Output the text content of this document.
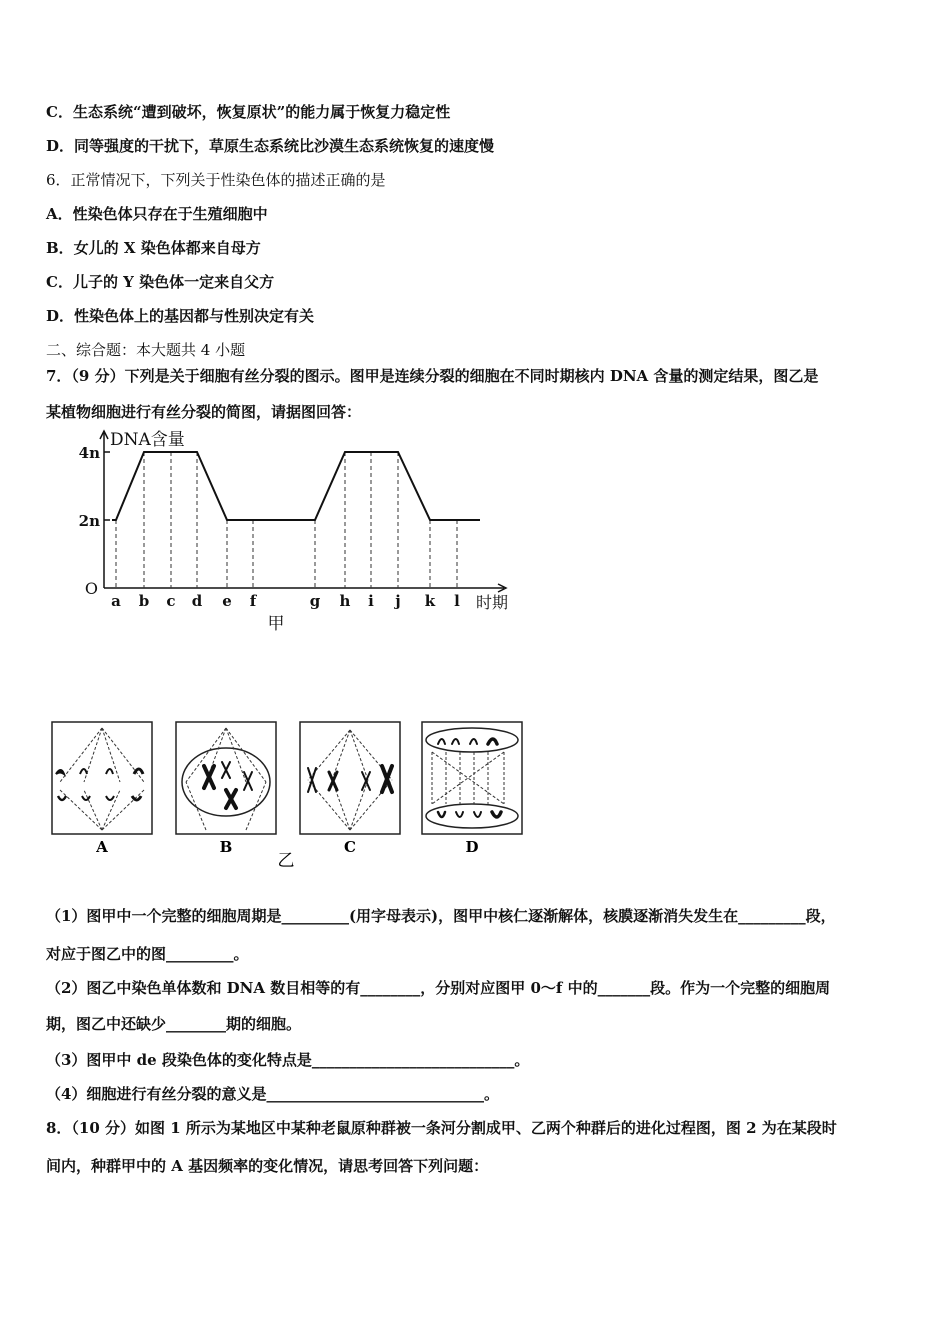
C．生态系统“遭到破坏，恢复原状”的能力属于恢复力稳定性
D．同等强度的干扰下，草原生态系统比沙漠生态系统恢复的速度慢
6．正常情况下，下列关于性染色体的描述正确的是
A．性染色体只存在于生殖细胞中
B．女儿的 X 染色体都来自母方
C．儿子的 Y 染色体一定来自父方
D．性染色体上的基因都与性别决定有关
二、综合题：本大题共 4 小题
7．（9 分）下列是关于细胞有丝分裂的图示。图甲是连续分裂的细胞在不同时期核内 DNA 含量的测定结果，图乙是
某植物细胞进行有丝分裂的简图，请据图回答：
（1）图甲中一个完整的细胞周期是_________(用字母表示)，图甲中核仁逐渐解体，核膜逐渐消失发生在_________段，
对应于图乙中的图_________。
（2）图乙中染色单体数和 DNA 数目相等的有________，分别对应图甲 0～f 中的_______段。作为一个完整的细胞周
期，图乙中还缺少________期的细胞。
（3）图甲中 de 段染色体的变化特点是___________________________。
（4）细胞进行有丝分裂的意义是_____________________________。
8．（10 分）如图 1 所示为某地区中某种老鼠原种群被一条河分割成甲、乙两个种群后的进化过程图，图 2 为在某段时
间内，种群甲中的 A 基因频率的变化情况，请思考回答下列问题：
DNA含量
2n
4n
O
a b c d e f	g h i j k l 时期
甲
A	B	C	D
乙
